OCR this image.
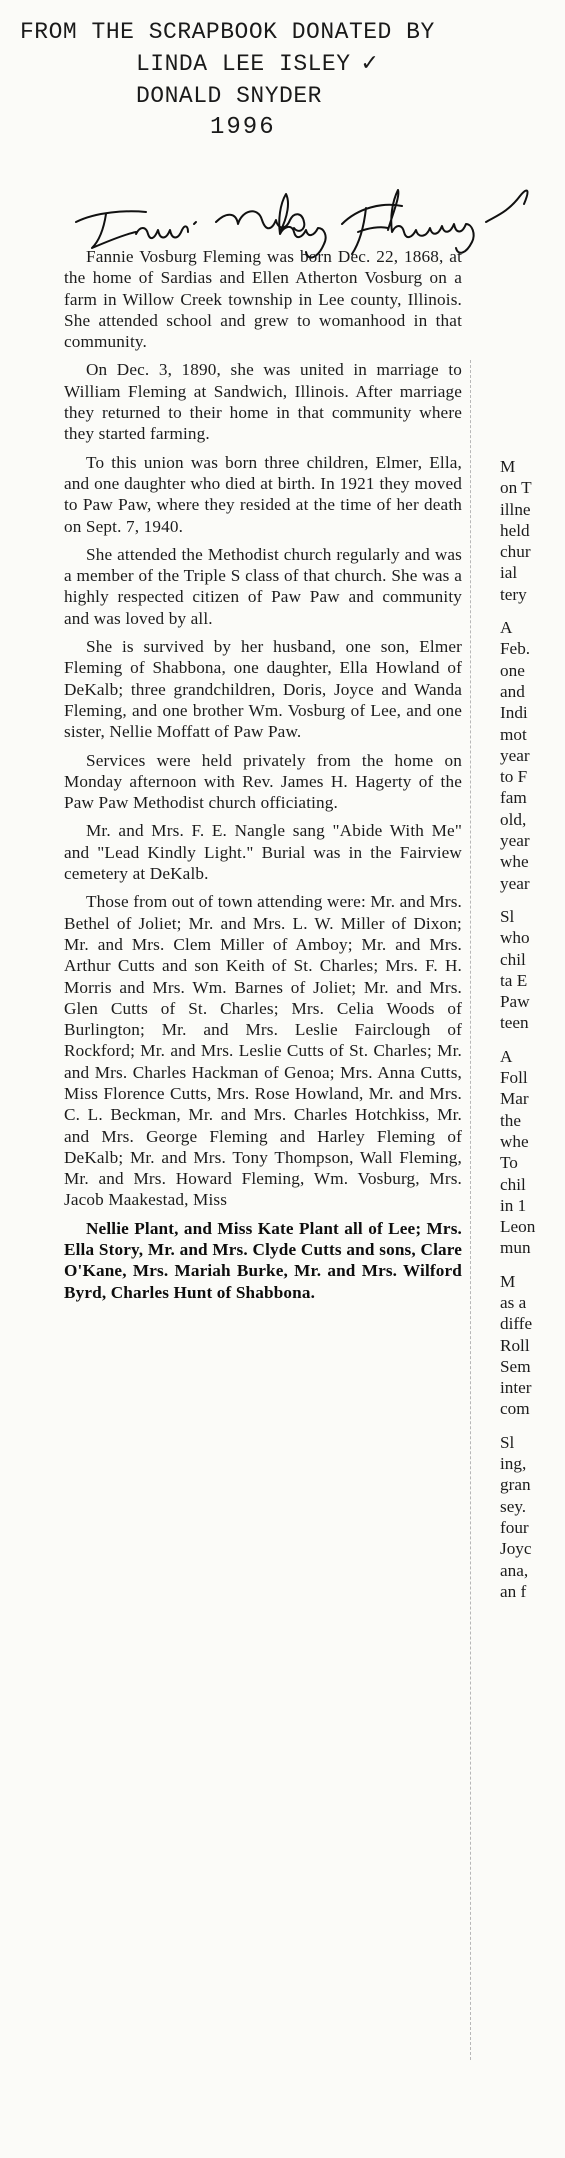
FROM THE SCRAPBOOK DONATED BY
LINDA LEE ISLEY ✓
DONALD SNYDER
1996

Fannie Vosburg Fleming was born Dec. 22, 1868, at the home of Sardias and Ellen Atherton Vosburg on a farm in Willow Creek township in Lee county, Illinois. She attended school and grew to womanhood in that community.

On Dec. 3, 1890, she was united in marriage to William Fleming at Sandwich, Illinois. After marriage they returned to their home in that community where they started farming.

To this union was born three children, Elmer, Ella, and one daughter who died at birth. In 1921 they moved to Paw Paw, where they resided at the time of her death on Sept. 7, 1940.

She attended the Methodist church regularly and was a member of the Triple S class of that church. She was a highly respected citizen of Paw Paw and community and was loved by all.

She is survived by her husband, one son, Elmer Fleming of Shabbona, one daughter, Ella Howland of DeKalb; three grandchildren, Doris, Joyce and Wanda Fleming, and one brother Wm. Vosburg of Lee, and one sister, Nellie Moffatt of Paw Paw.

Services were held privately from the home on Monday afternoon with Rev. James H. Hagerty of the Paw Paw Methodist church officiating.

Mr. and Mrs. F. E. Nangle sang "Abide With Me" and "Lead Kindly Light." Burial was in the Fairview cemetery at DeKalb.

Those from out of town attending were: Mr. and Mrs. Bethel of Joliet; Mr. and Mrs. L. W. Miller of Dixon; Mr. and Mrs. Clem Miller of Amboy; Mr. and Mrs. Arthur Cutts and son Keith of St. Charles; Mrs. F. H. Morris and Mrs. Wm. Barnes of Joliet; Mr. and Mrs. Glen Cutts of St. Charles; Mrs. Celia Woods of Burlington; Mr. and Mrs. Leslie Fairclough of Rockford; Mr. and Mrs. Leslie Cutts of St. Charles; Mr. and Mrs. Charles Hackman of Genoa; Mrs. Anna Cutts, Miss Florence Cutts, Mrs. Rose Howland, Mr. and Mrs. C. L. Beckman, Mr. and Mrs. Charles Hotchkiss, Mr. and Mrs. George Fleming and Harley Fleming of DeKalb; Mr. and Mrs. Tony Thompson, Wall Fleming, Mr. and Mrs. Howard Fleming, Wm. Vosburg, Mrs. Jacob Maakestad, Miss

Nellie Plant, and Miss Kate Plant all of Lee; Mrs. Ella Story, Mr. and Mrs. Clyde Cutts and sons, Clare O'Kane, Mrs. Mariah Burke, Mr. and Mrs. Wilford Byrd, Charles Hunt of Shabbona.

M
on T
illne
held
chur
ial
tery
A
Feb.
one
and
Indi
mot
year
to F
fam
old,
year
whe
year
Sl
who
chil
ta E
Paw
teen
A
Foll
Mar
the
whe
To
chil
in 1
Leon
mun
M
as a
diffe
Roll
Sem
inter
com
Sl
ing,
gran
sey.
four
Joyc
ana,
an f
